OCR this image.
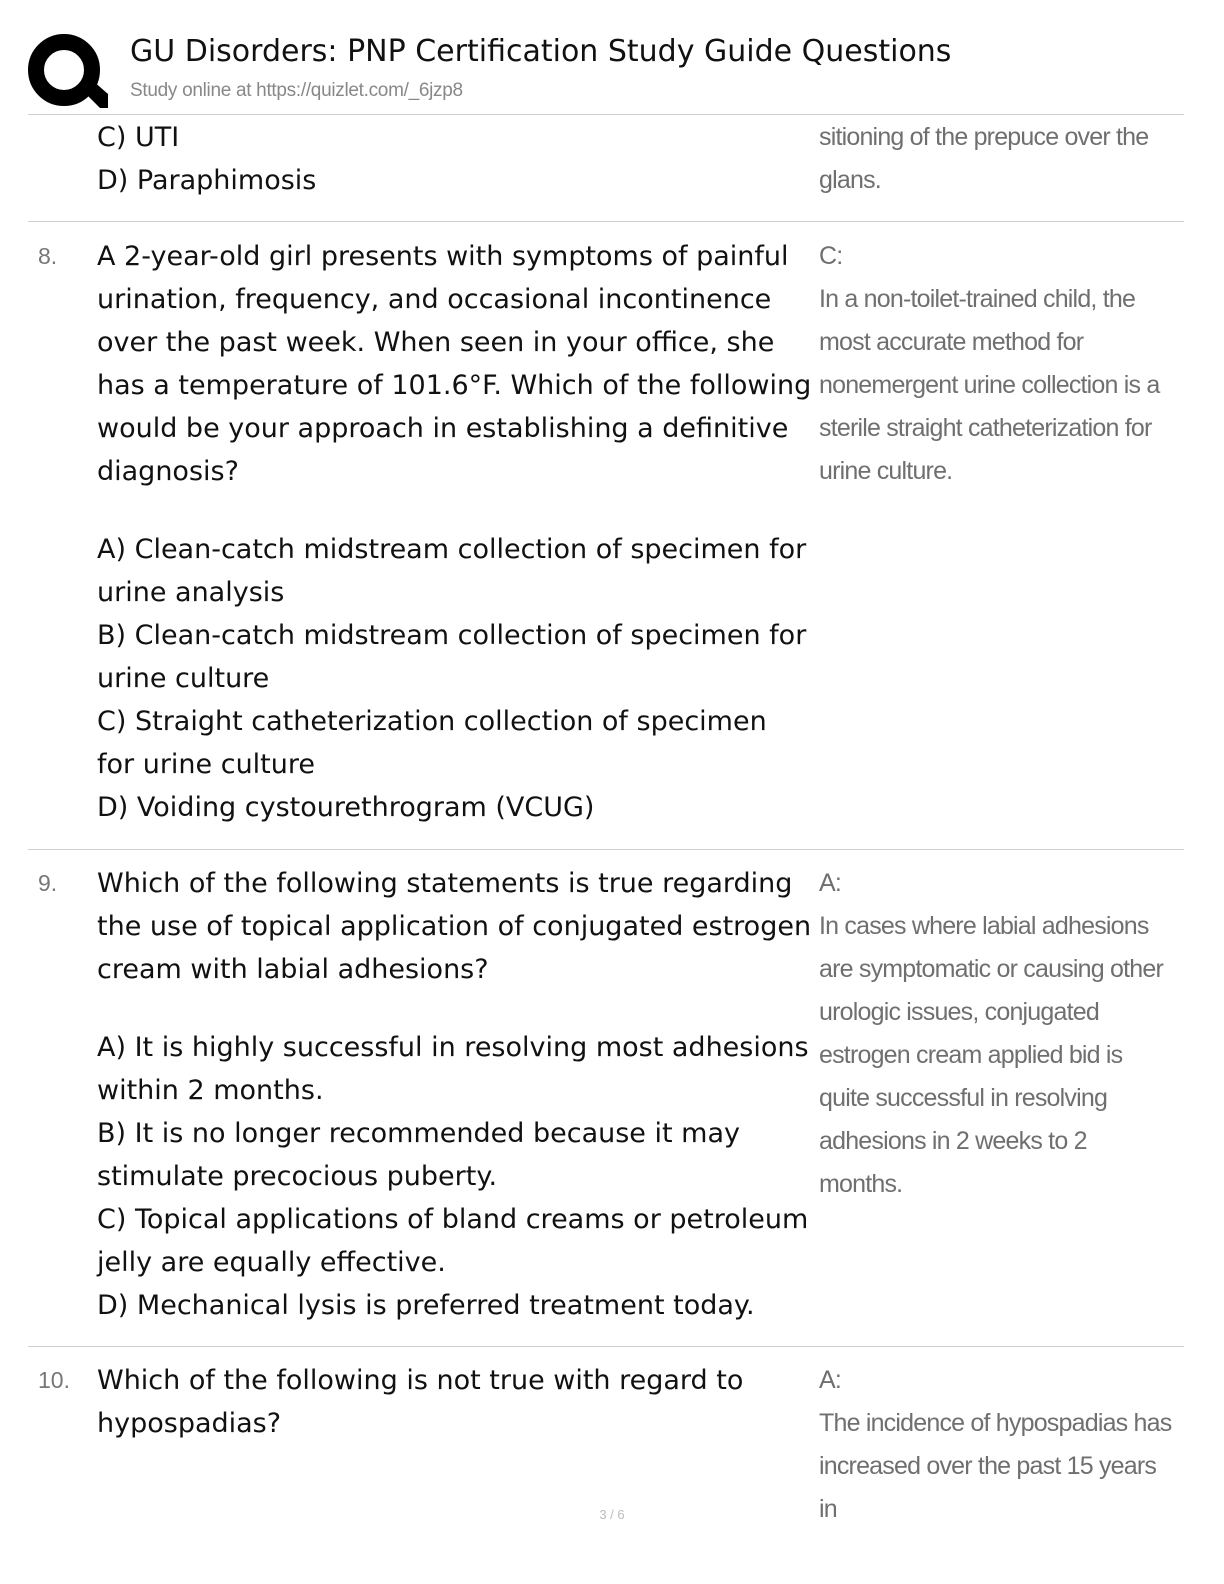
GU Disorders: PNP Certification Study Guide Questions
Study online at https://quizlet.com/_6jzp8

C) UTI

D) Paraphimosis

sitioning of the prepuce over the glans.

8. A 2-year-old girl presents with symptoms of painful urination, frequency, and occasional incontinence over the past week. When seen in your office, she has a temperature of 101.6°F. Which of the following would be your approach in establishing a definitive diagnosis?

A) Clean-catch midstream collection of specimen for urine analysis

B) Clean-catch midstream collection of specimen for urine culture

C) Straight catheterization collection of specimen for urine culture

D) Voiding cystourethrogram (VCUG)

C:

In a non-toilet-trained child, the most accurate method for nonemergent urine collection is a sterile straight catheterization for urine culture.

9. Which of the following statements is true regarding the use of topical application of conjugated estrogen cream with labial adhesions?

A) It is highly successful in resolving most adhesions within 2 months.

B) It is no longer recommended because it may stimulate precocious puberty.

C) Topical applications of bland creams or petroleum jelly are equally effective.

D) Mechanical lysis is preferred treatment today.

A:

In cases where labial adhesions are symptomatic or causing other urologic issues, conjugated estrogen cream applied bid is quite successful in resolving adhesions in 2 weeks to 2 months.

10. Which of the following is not true with regard to hypospadias?

A:

The incidence of hypospadias has increased over the past 15 years in

3 / 6
